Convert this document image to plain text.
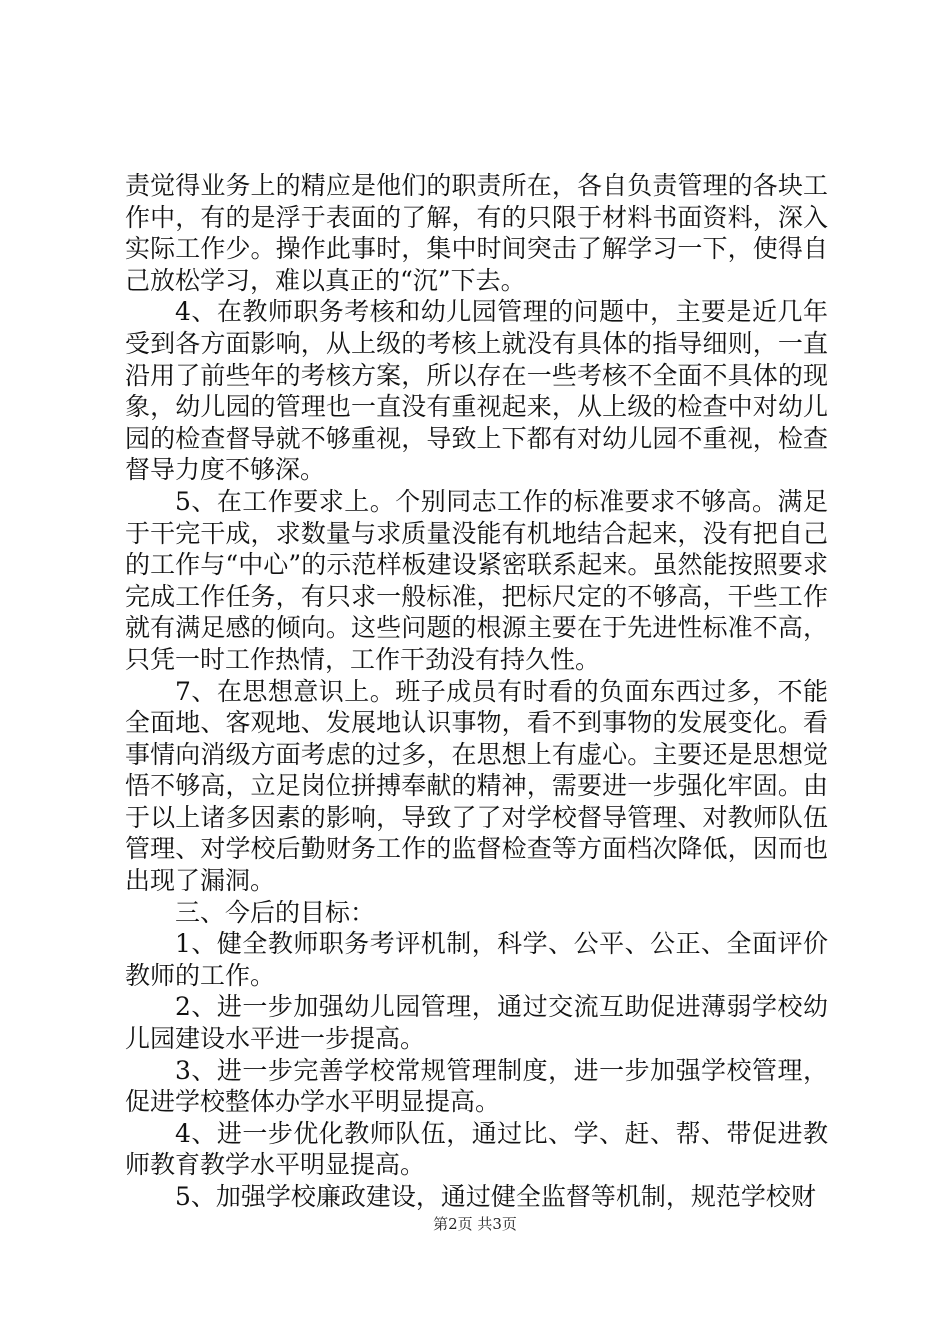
责觉得业务上的精应是他们的职责所在，各自负责管理的各块工作中，有的是浮于表面的了解，有的只限于材料书面资料，深入实际工作少。操作此事时，集中时间突击了解学习一下，使得自己放松学习，难以真正的“沉”下去。

4、在教师职务考核和幼儿园管理的问题中，主要是近几年受到各方面影响，从上级的考核上就没有具体的指导细则，一直沿用了前些年的考核方案，所以存在一些考核不全面不具体的现象，幼儿园的管理也一直没有重视起来，从上级的检查中对幼儿园的检查督导就不够重视，导致上下都有对幼儿园不重视，检查督导力度不够深。

5、在工作要求上。个别同志工作的标准要求不够高。满足于干完干成，求数量与求质量没能有机地结合起来，没有把自己的工作与“中心”的示范样板建设紧密联系起来。虽然能按照要求完成工作任务，有只求一般标准，把标尺定的不够高，干些工作就有满足感的倾向。这些问题的根源主要在于先进性标准不高，只凭一时工作热情，工作干劲没有持久性。

7、在思想意识上。班子成员有时看的负面东西过多，不能全面地、客观地、发展地认识事物，看不到事物的发展变化。看事情向消级方面考虑的过多，在思想上有虚心。主要还是思想觉悟不够高，立足岗位拼搏奉献的精神，需要进一步强化牢固。由于以上诸多因素的影响，导致了了对学校督导管理、对教师队伍管理、对学校后勤财务工作的监督检查等方面档次降低，因而也出现了漏洞。

三、今后的目标：

1、健全教师职务考评机制，科学、公平、公正、全面评价教师的工作。

2、进一步加强幼儿园管理，通过交流互助促进薄弱学校幼儿园建设水平进一步提高。

3、进一步完善学校常规管理制度，进一步加强学校管理，促进学校整体办学水平明显提高。

4、进一步优化教师队伍，通过比、学、赶、帮、带促进教师教育教学水平明显提高。

5、加强学校廉政建设，通过健全监督等机制，规范学校财

第2页 共3页
